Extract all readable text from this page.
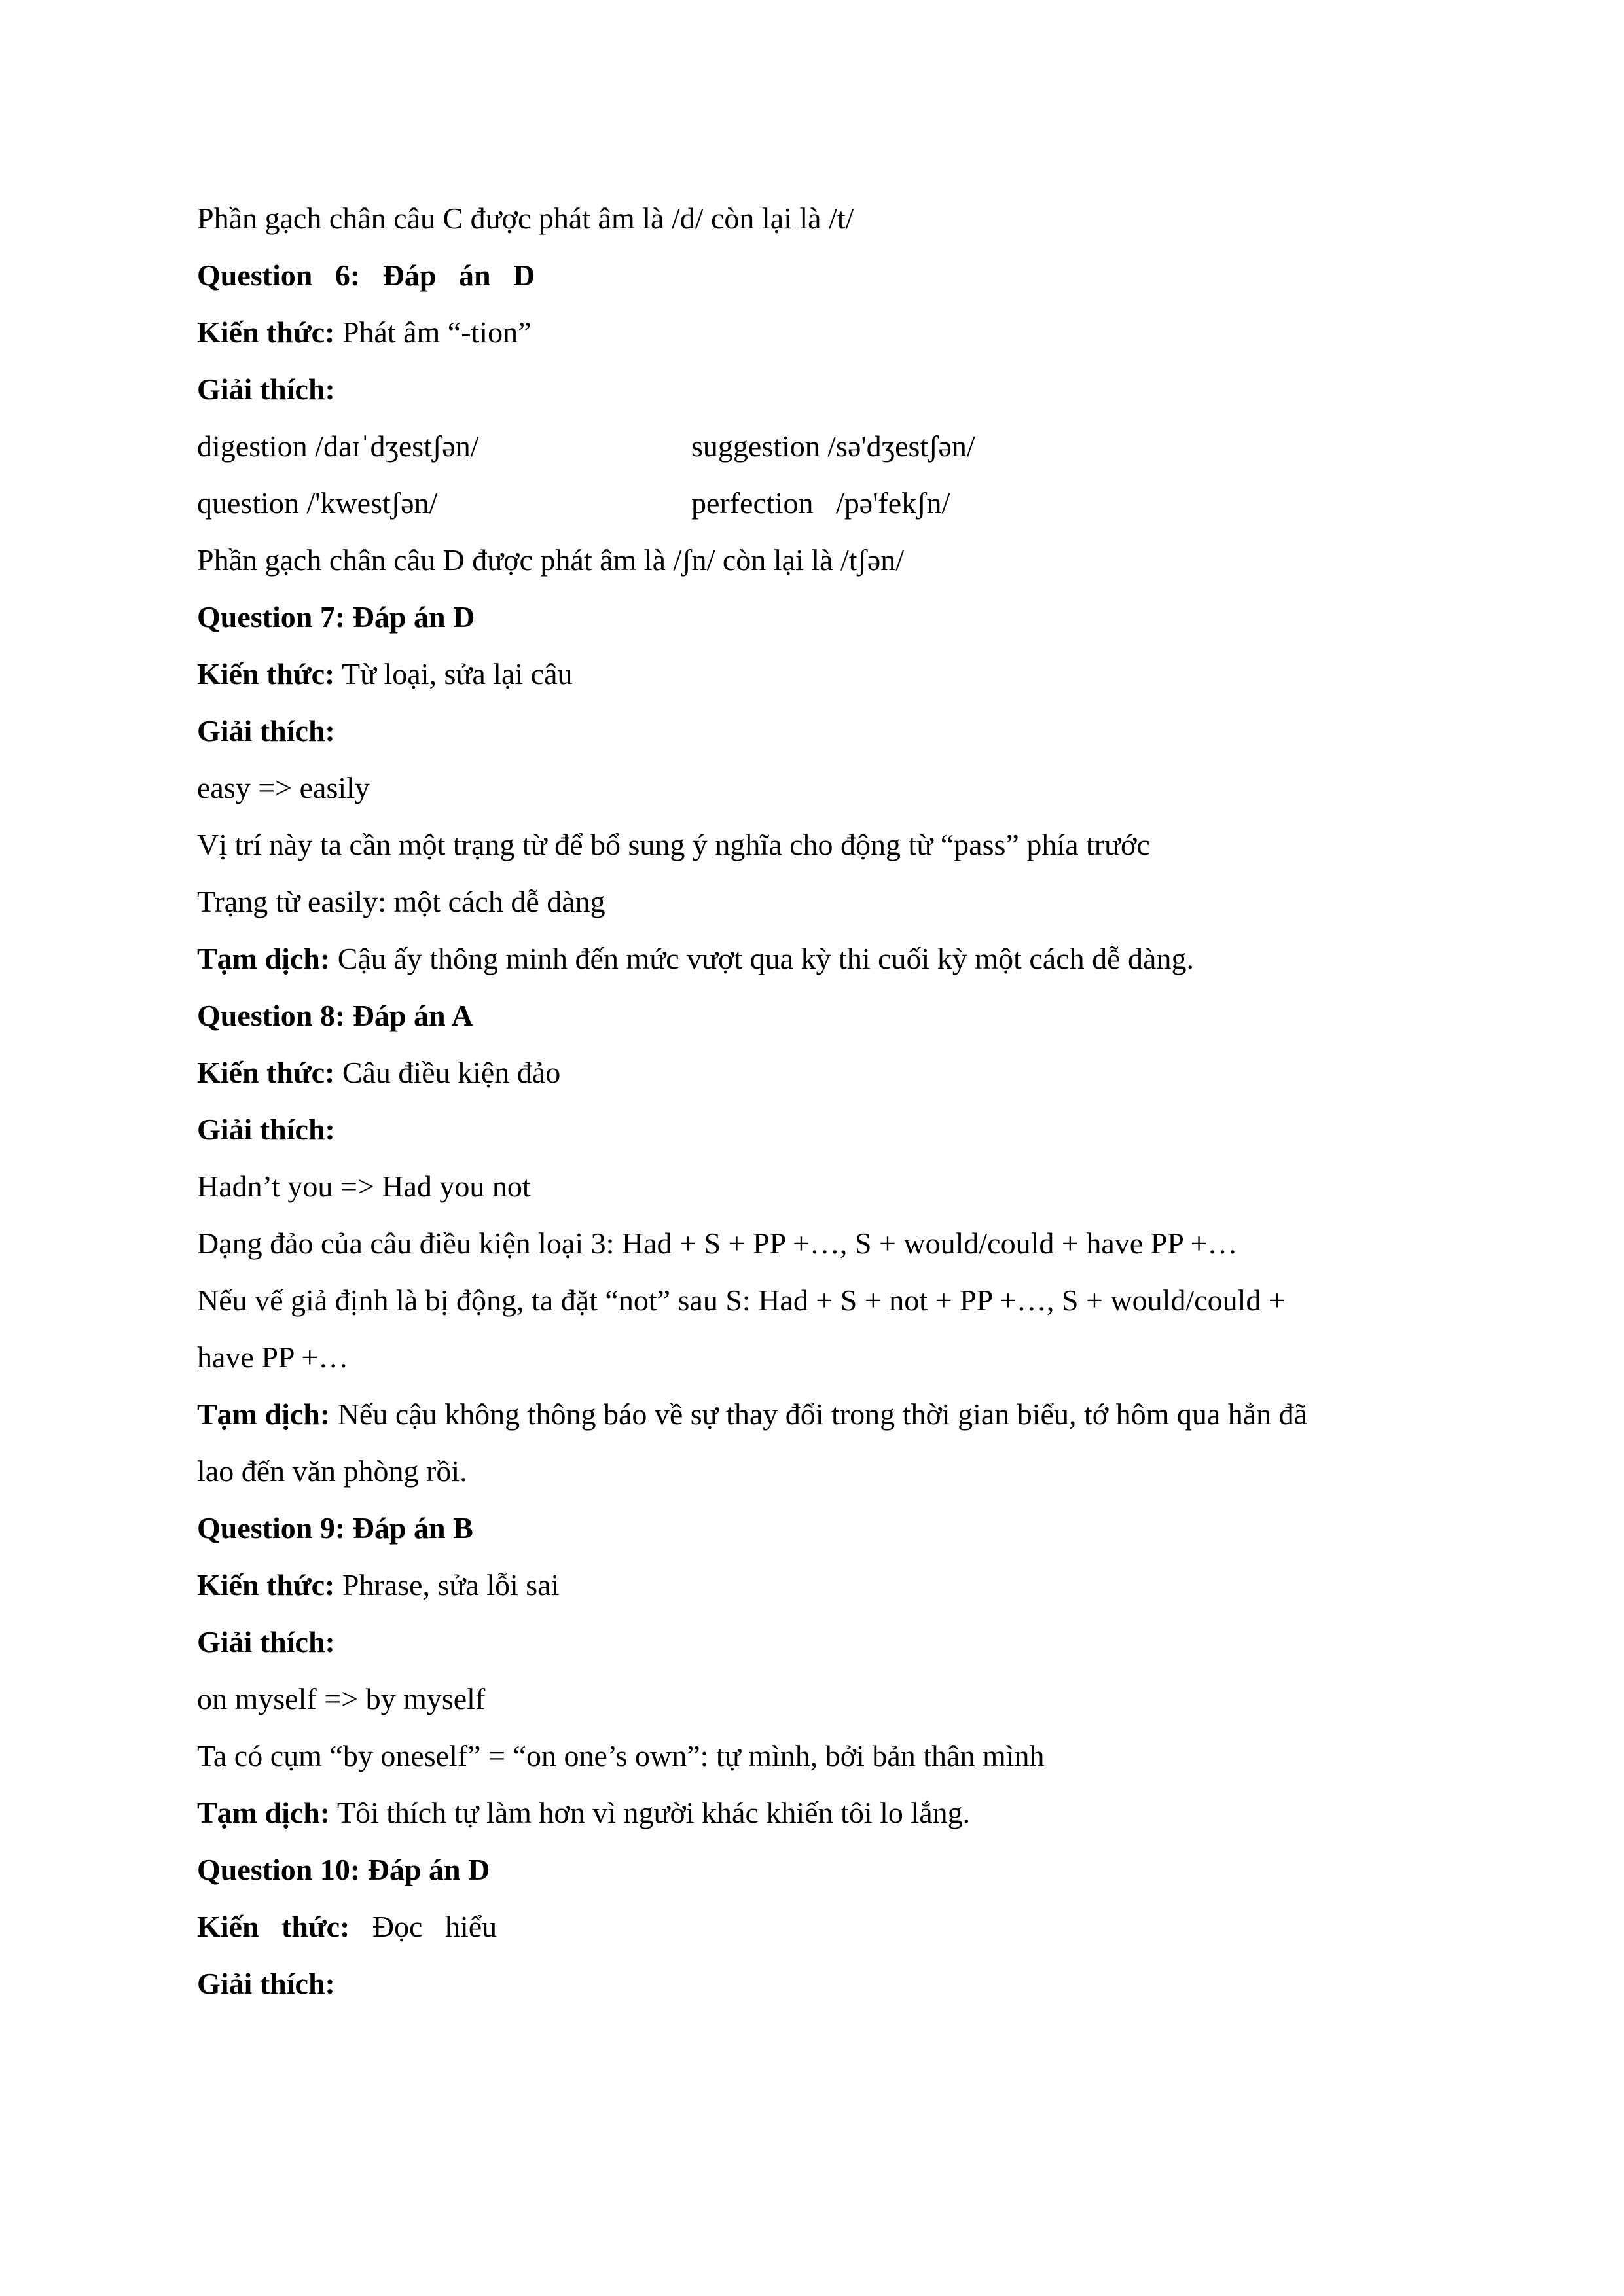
Phần gạch chân câu C được phát âm là /d/ còn lại là /t/
Question   6:   Đáp   án   D
Kiến thức: Phát âm “-tion”
Giải thích:
digestion /daɪˈdʒestʃən/	suggestion /sə'dʒestʃən/
question /'kwestʃən/	perfection   /pə'fekʃn/
Phần gạch chân câu D được phát âm là /ʃn/ còn lại là /tʃən/
Question 7: Đáp án D
Kiến thức: Từ loại, sửa lại câu
Giải thích:
easy => easily
Vị trí này ta cần một trạng từ để bổ sung ý nghĩa cho động từ “pass” phía trước
Trạng từ easily: một cách dễ dàng
Tạm dịch: Cậu ấy thông minh đến mức vượt qua kỳ thi cuối kỳ một cách dễ dàng.
Question 8: Đáp án A
Kiến thức: Câu điều kiện đảo
Giải thích:
Hadn’t you => Had you not
Dạng đảo của câu điều kiện loại 3: Had + S + PP +…, S + would/could + have PP +…
Nếu vế giả định là bị động, ta đặt “not” sau S: Had + S + not + PP +…, S + would/could +
have PP +…
Tạm dịch: Nếu cậu không thông báo về sự thay đổi trong thời gian biểu, tớ hôm qua hẳn đã
lao đến văn phòng rồi.
Question 9: Đáp án B
Kiến thức: Phrase, sửa lỗi sai
Giải thích:
on myself => by myself
Ta có cụm “by oneself” = “on one’s own”: tự mình, bởi bản thân mình
Tạm dịch: Tôi thích tự làm hơn vì người khác khiến tôi lo lắng.
Question 10: Đáp án D
Kiến   thức:   Đọc   hiểu
Giải thích:
